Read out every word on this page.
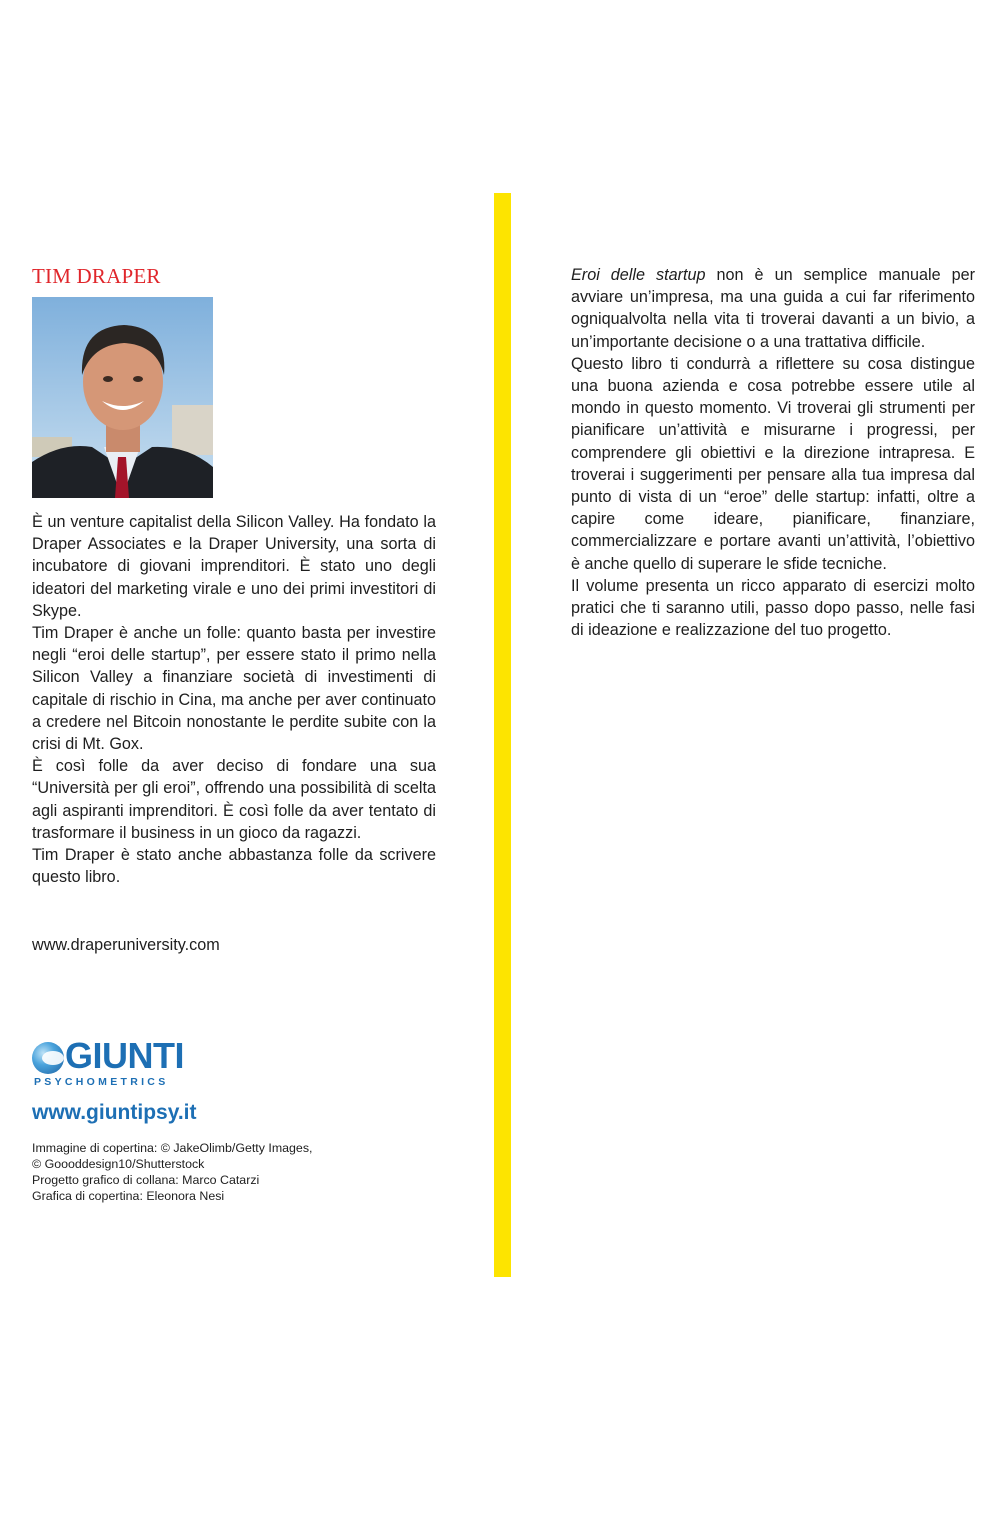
TIM DRAPER

È un venture capitalist della Silicon Valley. Ha fondato la Draper Associates e la Draper University, una sorta di incubatore di giovani imprenditori. È stato uno degli ideatori del marketing virale e uno dei primi investitori di Skype.

Tim Draper è anche un folle: quanto basta per investire negli “eroi delle startup”, per essere stato il primo nella Silicon Valley a finanziare società di investimenti di capitale di rischio in Cina, ma anche per aver continuato a credere nel Bitcoin nonostante le perdite subite con la crisi di Mt. Gox.

È così folle da aver deciso di fondare una sua “Università per gli eroi”, offrendo una possibilità di scelta agli aspiranti imprenditori. È così folle da aver tentato di trasformare il business in un gioco da ragazzi.

Tim Draper è stato anche abbastanza folle da scrivere questo libro.

www.draperuniversity.com
GIUNTI
PSYCHOMETRICS
www.giuntipsy.it
Immagine di copertina: © JakeOlimb/Getty Images,
© Goooddesign10/Shutterstock
Progetto grafico di collana: Marco Catarzi
Grafica di copertina: Eleonora Nesi

Eroi delle startup non è un semplice manuale per avviare un’impresa, ma una guida a cui far riferimento ogniqualvolta nella vita ti troverai davanti a un bivio, a un’importante decisione o a una trattativa difficile.

Questo libro ti condurrà a riflettere su cosa distingue una buona azienda e cosa potrebbe essere utile al mondo in questo momento. Vi troverai gli strumenti per pianificare un’attività e misurarne i progressi, per comprendere gli obiettivi e la direzione intrapresa. E troverai i suggerimenti per pensare alla tua impresa dal punto di vista di un “eroe” delle startup: infatti, oltre a capire come ideare, pianificare, finanziare, commercializzare e portare avanti un’attività, l’obiettivo è anche quello di superare le sfide tecniche.

Il volume presenta un ricco apparato di esercizi molto pratici che ti saranno utili, passo dopo passo, nelle fasi di ideazione e realizzazione del tuo progetto.
